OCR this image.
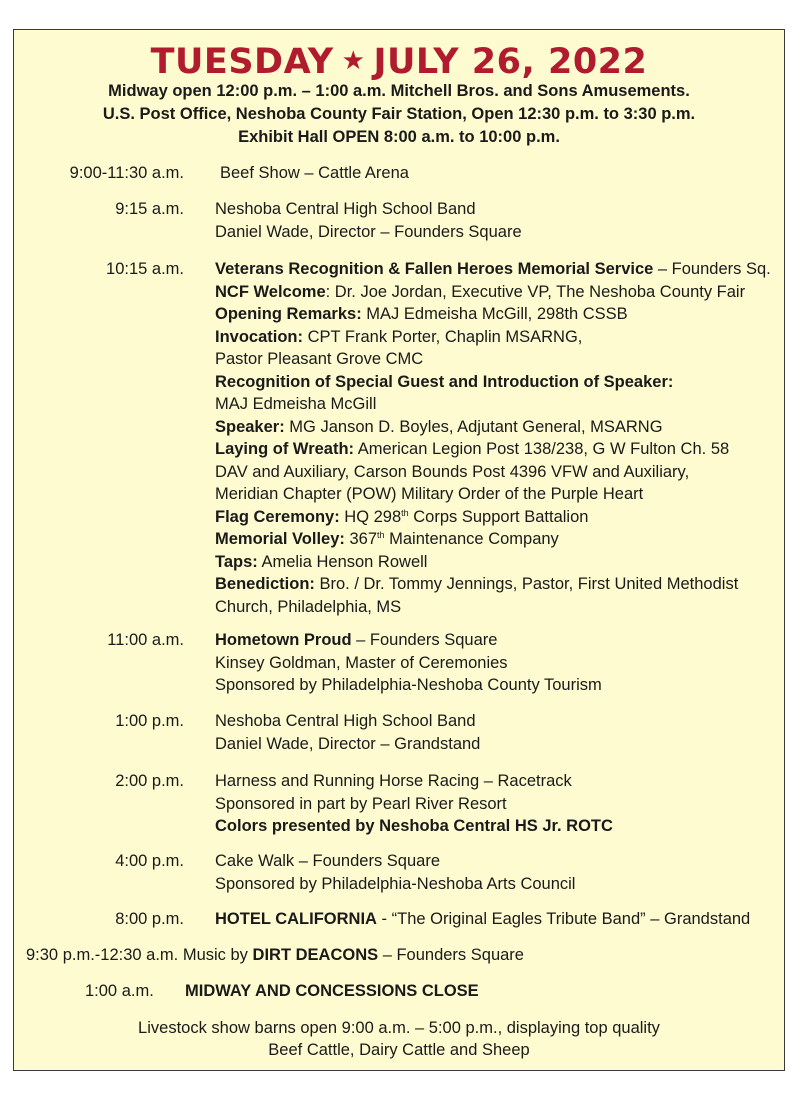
TUESDAY ★ JULY 26, 2022
Midway open 12:00 p.m. – 1:00 a.m. Mitchell Bros. and Sons Amusements.
U.S. Post Office, Neshoba County Fair Station, Open 12:30 p.m. to 3:30 p.m.
Exhibit Hall OPEN 8:00 a.m. to 10:00 p.m.
9:00-11:30 a.m. Beef Show – Cattle Arena
9:15 a.m. Neshoba Central High School Band
Daniel Wade, Director – Founders Square
10:15 a.m. Veterans Recognition & Fallen Heroes Memorial Service – Founders Sq.
NCF Welcome: Dr. Joe Jordan, Executive VP, The Neshoba County Fair
Opening Remarks: MAJ Edmeisha McGill, 298th CSSB
Invocation: CPT Frank Porter, Chaplin MSARNG,
Pastor Pleasant Grove CMC
Recognition of Special Guest and Introduction of Speaker:
MAJ Edmeisha McGill
Speaker: MG Janson D. Boyles, Adjutant General, MSARNG
Laying of Wreath: American Legion Post 138/238, G W Fulton Ch. 58
DAV and Auxiliary, Carson Bounds Post 4396 VFW and Auxiliary,
Meridian Chapter (POW) Military Order of the Purple Heart
Flag Ceremony: HQ 298th Corps Support Battalion
Memorial Volley: 367th Maintenance Company
Taps: Amelia Henson Rowell
Benediction: Bro. / Dr. Tommy Jennings, Pastor, First United Methodist
Church, Philadelphia, MS
11:00 a.m. Hometown Proud – Founders Square
Kinsey Goldman, Master of Ceremonies
Sponsored by Philadelphia-Neshoba County Tourism
1:00 p.m. Neshoba Central High School Band
Daniel Wade, Director – Grandstand
2:00 p.m. Harness and Running Horse Racing – Racetrack
Sponsored in part by Pearl River Resort
Colors presented by Neshoba Central HS Jr. ROTC
4:00 p.m. Cake Walk – Founders Square
Sponsored by Philadelphia-Neshoba Arts Council
8:00 p.m. HOTEL CALIFORNIA - “The Original Eagles Tribute Band” – Grandstand
9:30 p.m.-12:30 a.m. Music by DIRT DEACONS – Founders Square
1:00 a.m. MIDWAY AND CONCESSIONS CLOSE
Livestock show barns open 9:00 a.m. – 5:00 p.m., displaying top quality
Beef Cattle, Dairy Cattle and Sheep
